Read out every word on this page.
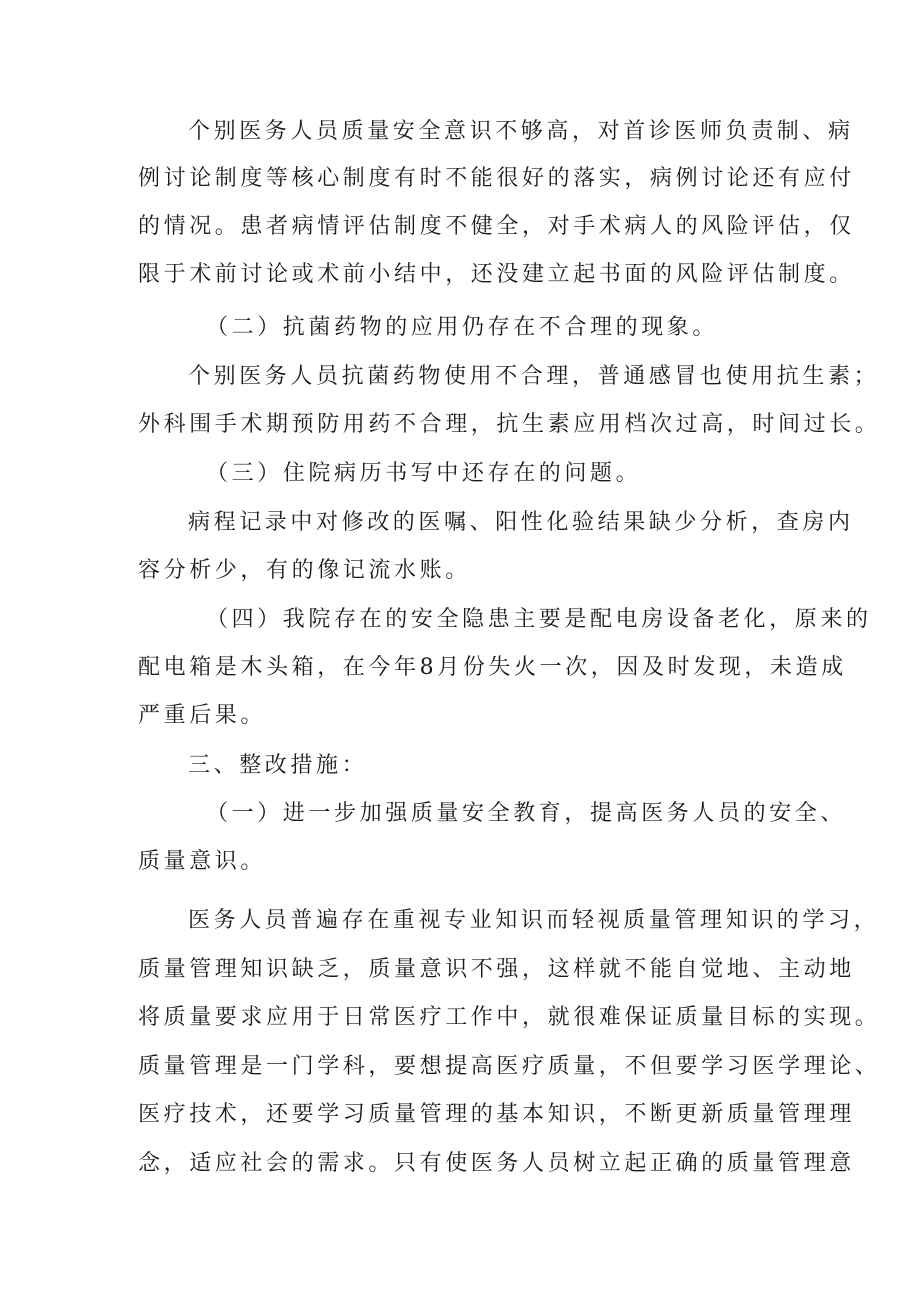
个别医务人员质量安全意识不够高，对首诊医师负责制、病

例讨论制度等核心制度有时不能很好的落实，病例讨论还有应付

的情况。患者病情评估制度不健全，对手术病人的风险评估，仅

限于术前讨论或术前小结中，还没建立起书面的风险评估制度。

（二）抗菌药物的应用仍存在不合理的现象。

个别医务人员抗菌药物使用不合理，普通感冒也使用抗生素；

外科围手术期预防用药不合理，抗生素应用档次过高，时间过长。

（三）住院病历书写中还存在的问题。

病程记录中对修改的医嘱、阳性化验结果缺少分析，查房内

容分析少，有的像记流水账。

（四）我院存在的安全隐患主要是配电房设备老化，原来的

配电箱是木头箱，在今年8月份失火一次，因及时发现，未造成

严重后果。

三、整改措施：

（一）进一步加强质量安全教育，提高医务人员的安全、

质量意识。

医务人员普遍存在重视专业知识而轻视质量管理知识的学习，

质量管理知识缺乏，质量意识不强，这样就不能自觉地、主动地

将质量要求应用于日常医疗工作中，就很难保证质量目标的实现。

质量管理是一门学科，要想提高医疗质量，不但要学习医学理论、

医疗技术，还要学习质量管理的基本知识，不断更新质量管理理

念，适应社会的需求。只有使医务人员树立起正确的质量管理意
